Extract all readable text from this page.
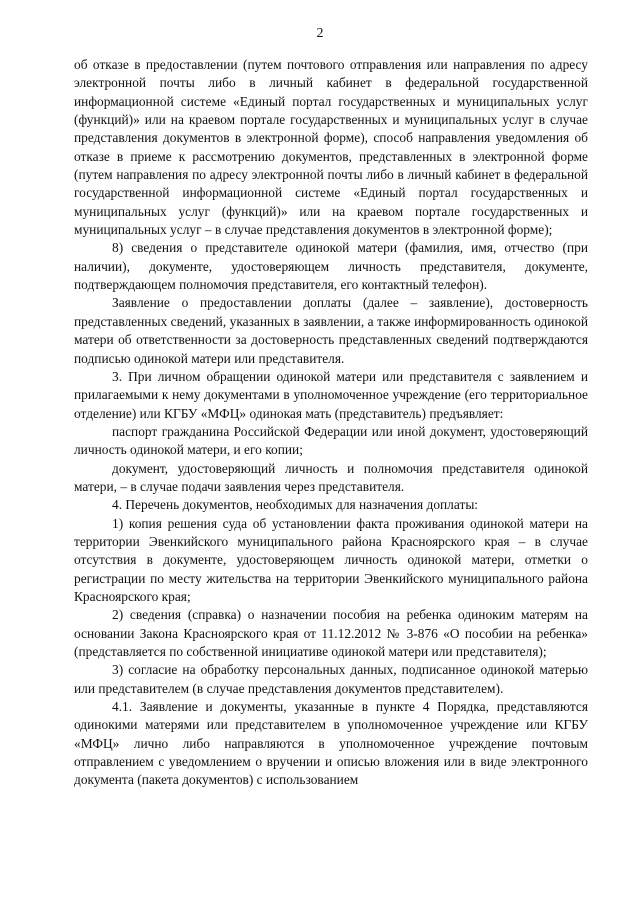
2

об отказе в предоставлении (путем почтового отправления или направления по адресу электронной почты либо в личный кабинет в федеральной государственной информационной системе «Единый портал государственных и муниципальных услуг (функций)» или на краевом портале государственных и муниципальных услуг в случае представления документов в электронной форме), способ направления уведомления об отказе в приеме к рассмотрению документов, представленных в электронной форме (путем направления по адресу электронной почты либо в личный кабинет в федеральной государственной информационной системе «Единый портал государственных и муниципальных услуг (функций)» или на краевом портале государственных и муниципальных услуг – в случае представления документов в электронной форме);

8) сведения о представителе одинокой матери (фамилия, имя, отчество (при наличии), документе, удостоверяющем личность представителя, документе, подтверждающем полномочия представителя, его контактный телефон).

Заявление о предоставлении доплаты (далее – заявление), достоверность представленных сведений, указанных в заявлении, а также информированность одинокой матери об ответственности за достоверность представленных сведений подтверждаются подписью одинокой матери или представителя.

3. При личном обращении одинокой матери или представителя с заявлением и прилагаемыми к нему документами в уполномоченное учреждение (его территориальное отделение) или КГБУ «МФЦ» одинокая мать (представитель) предъявляет:

паспорт гражданина Российской Федерации или иной документ, удостоверяющий личность одинокой матери, и его копии;

документ, удостоверяющий личность и полномочия представителя одинокой матери, – в случае подачи заявления через представителя.

4. Перечень документов, необходимых для назначения доплаты:

1) копия решения суда об установлении факта проживания одинокой матери на территории Эвенкийского муниципального района Красноярского края – в случае отсутствия в документе, удостоверяющем личность одинокой матери, отметки о регистрации по месту жительства на территории Эвенкийского муниципального района Красноярского края;

2) сведения (справка) о назначении пособия на ребенка одиноким матерям на основании Закона Красноярского края от 11.12.2012 № 3-876 «О пособии на ребенка» (представляется по собственной инициативе одинокой матери или представителя);

3) согласие на обработку персональных данных, подписанное одинокой матерью или представителем (в случае представления документов представителем).

4.1. Заявление и документы, указанные в пункте 4 Порядка, представляются одинокими матерями или представителем в уполномоченное учреждение или КГБУ «МФЦ» лично либо направляются в уполномоченное учреждение почтовым отправлением с уведомлением о вручении и описью вложения или в виде электронного документа (пакета документов) с использованием
